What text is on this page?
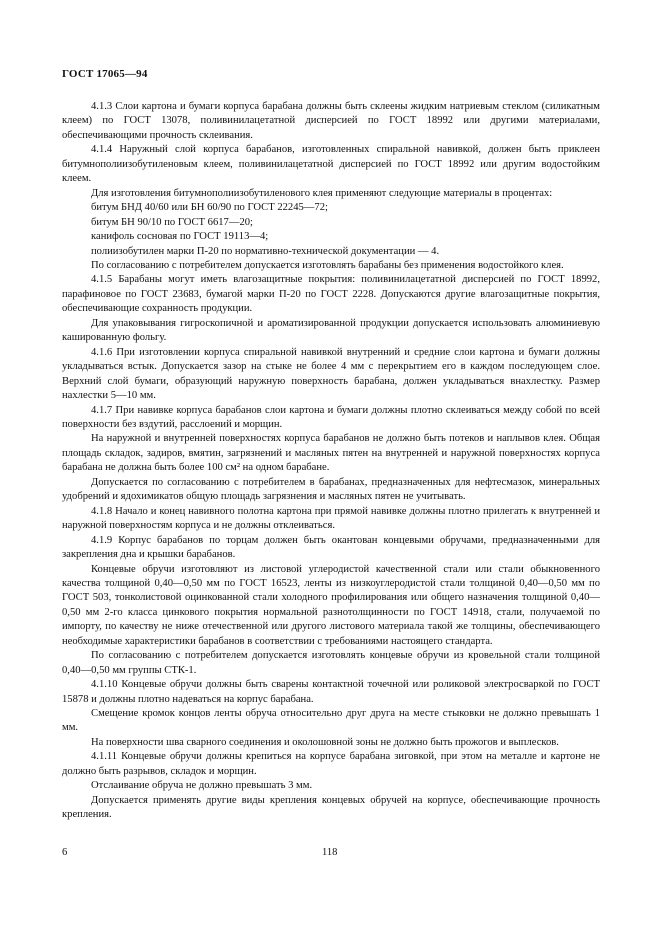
ГОСТ 17065—94

4.1.3 Слои картона и бумаги корпуса барабана должны быть склеены жидким натриевым стеклом (силикатным клеем) по ГОСТ 13078, поливинилацетатной дисперсией по ГОСТ 18992 или другими материалами, обеспечивающими прочность склеивания.

4.1.4 Наружный слой корпуса барабанов, изготовленных спиральной навивкой, должен быть приклеен битумнополиизобутиленовым клеем, поливинилацетатной дисперсией по ГОСТ 18992 или другим водостойким клеем.

Для изготовления битумнополиизобутиленового клея применяют следующие материалы в процентах:

битум БНД 40/60 или БН 60/90 по ГОСТ 22245—72;

битум БН 90/10 по ГОСТ 6617—20;

канифоль сосновая по ГОСТ 19113—4;

полиизобутилен марки П-20 по нормативно-технической документации — 4.

По согласованию с потребителем допускается изготовлять барабаны без применения водостойкого клея.

4.1.5 Барабаны могут иметь влагозащитные покрытия: поливинилацетатной дисперсией по ГОСТ 18992, парафиновое по ГОСТ 23683, бумагой марки П-20 по ГОСТ 2228. Допускаются другие влагозащитные покрытия, обеспечивающие сохранность продукции.

Для упаковывания гигроскопичной и ароматизированной продукции допускается использовать алюминиевую кашированную фольгу.

4.1.6 При изготовлении корпуса спиральной навивкой внутренний и средние слои картона и бумаги должны укладываться встык. Допускается зазор на стыке не более 4 мм с перекрытием его в каждом последующем слое. Верхний слой бумаги, образующий наружную поверхность барабана, должен укладываться внахлестку. Размер нахлестки 5—10 мм.

4.1.7 При навивке корпуса барабанов слои картона и бумаги должны плотно склеиваться между собой по всей поверхности без вздутий, расслоений и морщин.

На наружной и внутренней поверхностях корпуса барабанов не должно быть потеков и наплывов клея. Общая площадь складок, задиров, вмятин, загрязнений и масляных пятен на внутренней и наружной поверхностях корпуса барабана не должна быть более 100 см² на одном барабане.

Допускается по согласованию с потребителем в барабанах, предназначенных для нефтесмазок, минеральных удобрений и ядохимикатов общую площадь загрязнения и масляных пятен не учитывать.

4.1.8 Начало и конец навивного полотна картона при прямой навивке должны плотно прилегать к внутренней и наружной поверхностям корпуса и не должны отклеиваться.

4.1.9 Корпус барабанов по торцам должен быть окантован концевыми обручами, предназначенными для закрепления дна и крышки барабанов.

Концевые обручи изготовляют из листовой углеродистой качественной стали или стали обыкновенного качества толщиной 0,40—0,50 мм по ГОСТ 16523, ленты из низкоуглеродистой стали толщиной 0,40—0,50 мм по ГОСТ 503, тонколистовой оцинкованной стали холодного профилирования или общего назначения толщиной 0,40—0,50 мм 2-го класса цинкового покрытия нормальной разнотолщинности по ГОСТ 14918, стали, получаемой по импорту, по качеству не ниже отечественной или другого листового материала такой же толщины, обеспечивающего необходимые характеристики барабанов в соответствии с требованиями настоящего стандарта.

По согласованию с потребителем допускается изготовлять концевые обручи из кровельной стали толщиной 0,40—0,50 мм группы СТК-1.

4.1.10 Концевые обручи должны быть сварены контактной точечной или роликовой электросваркой по ГОСТ 15878 и должны плотно надеваться на корпус барабана.

Смещение кромок концов ленты обруча относительно друг друга на месте стыковки не должно превышать 1 мм.

На поверхности шва сварного соединения и околошовной зоны не должно быть прожогов и выплесков.

4.1.11 Концевые обручи должны крепиться на корпусе барабана зиговкой, при этом на металле и картоне не должно быть разрывов, складок и морщин.

Отслаивание обруча не должно превышать 3 мм.

Допускается применять другие виды крепления концевых обручей на корпусе, обеспечивающие прочность крепления.

6	118
